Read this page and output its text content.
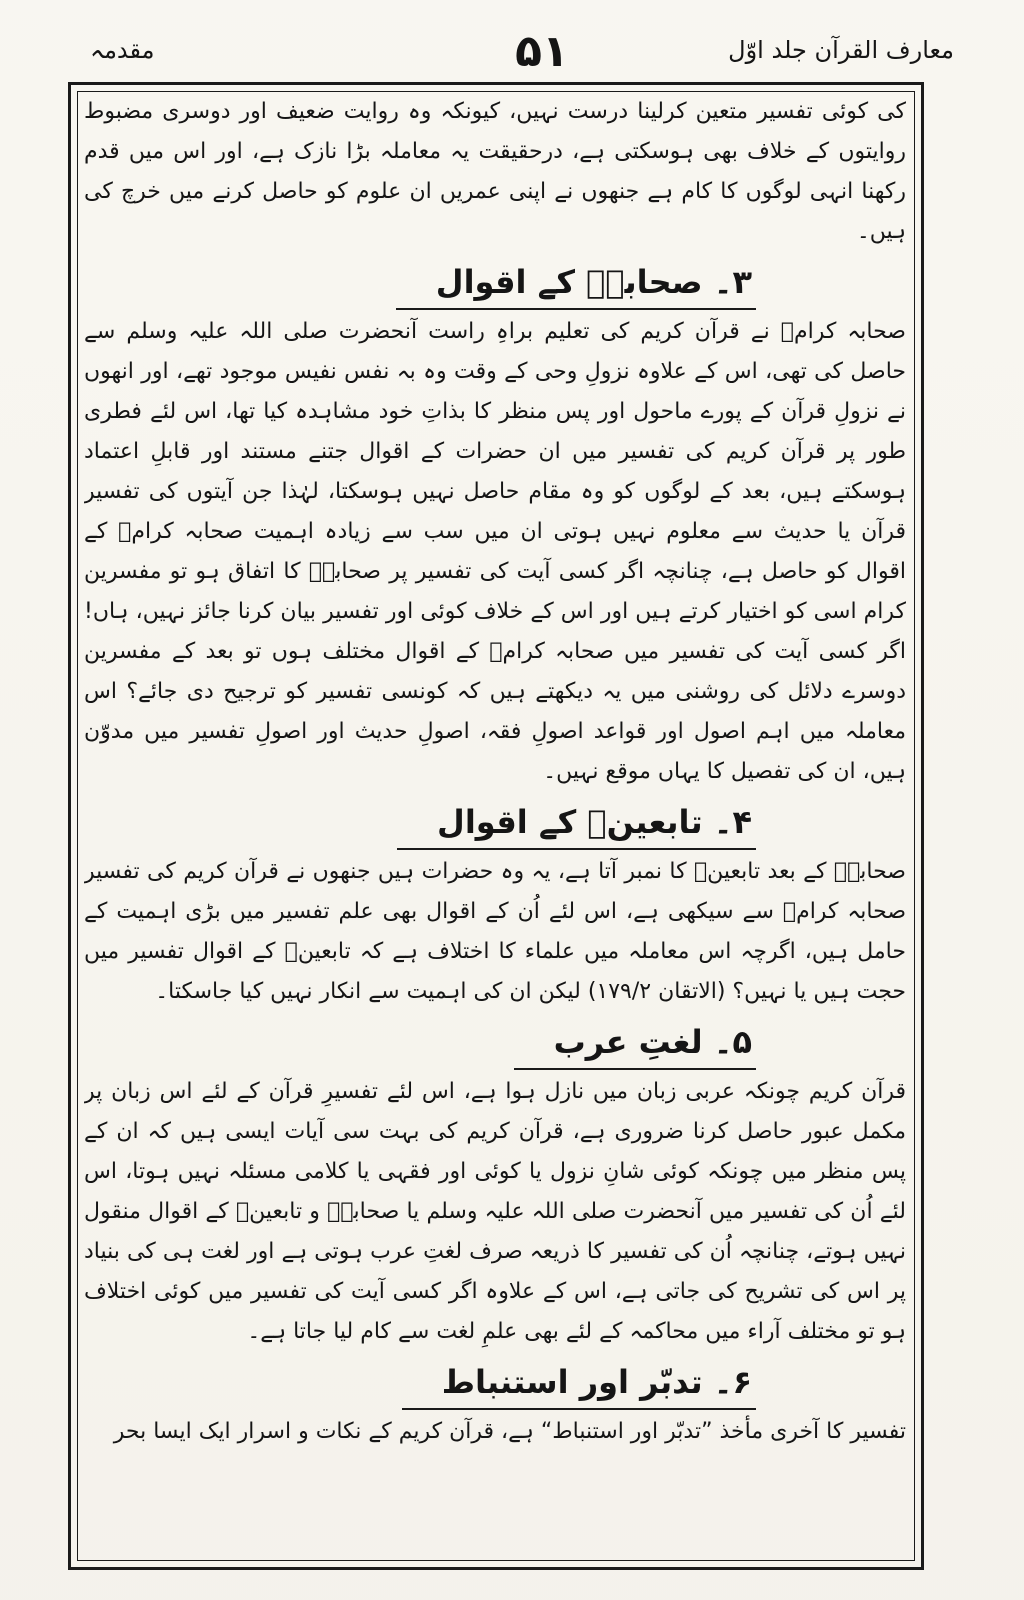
مقدمہ	۵۱	معارف القرآن جلد اوّل

کی کوئی تفسیر متعین کرلینا درست نہیں، کیونکہ وہ روایت ضعیف اور دوسری مضبوط روایتوں کے خلاف بھی ہوسکتی ہے، درحقیقت یہ معاملہ بڑا نازک ہے، اور اس میں قدم رکھنا انہی لوگوں کا کام ہے جنھوں نے اپنی عمریں ان علوم کو حاصل کرنے میں خرچ کی ہیں۔

۳۔ صحابہؓ کے اقوال

صحابہ کرامؓ نے قرآن کریم کی تعلیم براہِ راست آنحضرت صلی اللہ علیہ وسلم سے حاصل کی تھی، اس کے علاوہ نزولِ وحی کے وقت وہ بہ نفس نفیس موجود تھے، اور انھوں نے نزولِ قرآن کے پورے ماحول اور پس منظر کا بذاتِ خود مشاہدہ کیا تھا، اس لئے فطری طور پر قرآن کریم کی تفسیر میں ان حضرات کے اقوال جتنے مستند اور قابلِ اعتماد ہوسکتے ہیں، بعد کے لوگوں کو وہ مقام حاصل نہیں ہوسکتا، لہٰذا جن آیتوں کی تفسیر قرآن یا حدیث سے معلوم نہیں ہوتی ان میں سب سے زیادہ اہمیت صحابہ کرامؓ کے اقوال کو حاصل ہے، چنانچہ اگر کسی آیت کی تفسیر پر صحابہؓ کا اتفاق ہو تو مفسرین کرام اسی کو اختیار کرتے ہیں اور اس کے خلاف کوئی اور تفسیر بیان کرنا جائز نہیں، ہاں! اگر کسی آیت کی تفسیر میں صحابہ کرامؓ کے اقوال مختلف ہوں تو بعد کے مفسرین دوسرے دلائل کی روشنی میں یہ دیکھتے ہیں کہ کونسی تفسیر کو ترجیح دی جائے؟ اس معاملہ میں اہم اصول اور قواعد اصولِ فقہ، اصولِ حدیث اور اصولِ تفسیر میں مدوّن ہیں، ان کی تفصیل کا یہاں موقع نہیں۔

۴۔ تابعینؒ کے اقوال

صحابہؓ کے بعد تابعینؒ کا نمبر آتا ہے، یہ وہ حضرات ہیں جنھوں نے قرآن کریم کی تفسیر صحابہ کرامؓ سے سیکھی ہے، اس لئے اُن کے اقوال بھی علم تفسیر میں بڑی اہمیت کے حامل ہیں، اگرچہ اس معاملہ میں علماء کا اختلاف ہے کہ تابعینؒ کے اقوال تفسیر میں حجت ہیں یا نہیں؟ (الاتقان ۱۷۹/۲) لیکن ان کی اہمیت سے انکار نہیں کیا جاسکتا۔

۵۔ لغتِ عرب

قرآن کریم چونکہ عربی زبان میں نازل ہوا ہے، اس لئے تفسیرِ قرآن کے لئے اس زبان پر مکمل عبور حاصل کرنا ضروری ہے، قرآن کریم کی بہت سی آیات ایسی ہیں کہ ان کے پس منظر میں چونکہ کوئی شانِ نزول یا کوئی اور فقہی یا کلامی مسئلہ نہیں ہوتا، اس لئے اُن کی تفسیر میں آنحضرت صلی اللہ علیہ وسلم یا صحابہؓ و تابعینؒ کے اقوال منقول نہیں ہوتے، چنانچہ اُن کی تفسیر کا ذریعہ صرف لغتِ عرب ہوتی ہے اور لغت ہی کی بنیاد پر اس کی تشریح کی جاتی ہے، اس کے علاوہ اگر کسی آیت کی تفسیر میں کوئی اختلاف ہو تو مختلف آراء میں محاکمہ کے لئے بھی علمِ لغت سے کام لیا جاتا ہے۔

۶۔ تدبّر اور استنباط

تفسیر کا آخری مأخذ ”تدبّر اور استنباط“ ہے، قرآن کریم کے نکات و اسرار ایک ایسا بحر
